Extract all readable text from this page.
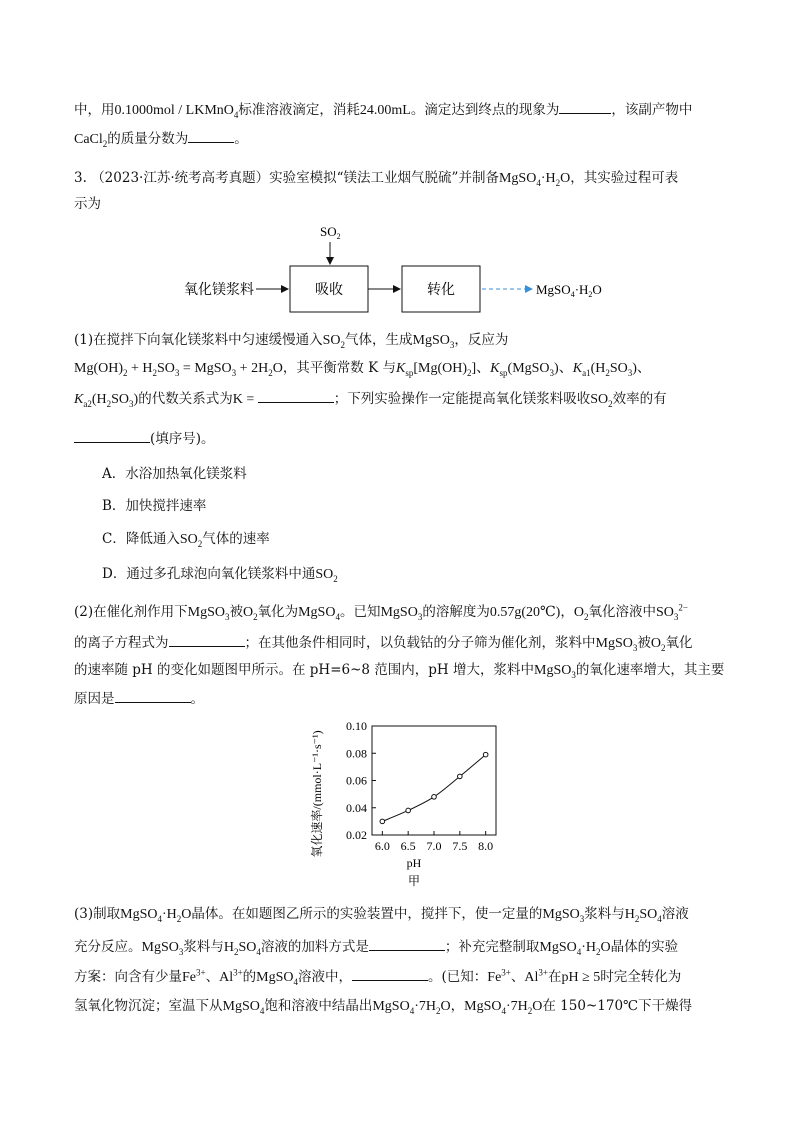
中，用0.1000mol / LKMnO$_4$标准溶液滴定，消耗24.00mL。滴定达到终点的现象为	，该副产物中
CaCl$_2$的质量分数为	。
3. （2023·江苏·统考高考真题）实验室模拟“镁法工业烟气脱硫”并制备$MgSO_4\cdot H_2O$，其实验过程可表
示为
$SO_2$
氧化镁浆料	吸收	转化	$MgSO_4\cdot H_2O$
(1)在搅拌下向氧化镁浆料中匀速缓慢通入$SO_2$气体，生成MgSO$_3$，反应为
$Mg(OH)_2 + H_2SO_3$ = MgSO$_3$ + $2H_2O$，其平衡常数 K 与$K_{sp}[Mg(OH)_2]$、$K_{sp}(MgSO_3)$、$K_{a1}(H_2SO_3)$、
$K_{a2}(H_2SO_3)$的代数关系式为K =	；下列实验操作一定能提高氧化镁浆料吸收$SO_2$效率的有
(填序号)。
A．水浴加热氧化镁浆料
B．加快搅拌速率
C．降低通入$SO_2$气体的速率
D．通过多孔球泡向氧化镁浆料中通$SO_2$
(2)在催化剂作用下MgSO$_3$被$O_2$氧化为MgSO$_4$。已知MgSO$_3$的溶解度为0.57g(20℃)，$O_2$氧化溶液中$SO_3^{2-}$
的离子方程式为	；在其他条件相同时，以负载钴的分子筛为催化剂，浆料中MgSO$_3$被$O_2$氧化
的速率随 pH 的变化如题图甲所示。在 pH=6~8 范围内，pH 增大，浆料中MgSO$_3$的氧化速率增大，其主要
原因是	。
0.02
0.04
0.06
0.08
0.10
6.0 6.5 7.0 7.5 8.0
氧化速率/(mmol·L⁻¹·s⁻¹)
pH
甲
(3)制取$MgSO_4\cdot H_2O$晶体。在如题图乙所示的实验装置中，搅拌下，使一定量的MgSO$_3$浆料与$H_2SO_4$溶液
充分反应。MgSO$_3$浆料与$H_2SO_4$溶液的加料方式是	；补充完整制取$MgSO_4\cdot H_2O$晶体的实验
方案：向含有少量$Fe^{3+}$、$Al^{3+}$的MgSO$_4$溶液中，	。(已知：$Fe^{3+}$、$Al^{3+}$在pH ≥ 5时完全转化为
氢氧化物沉淀；室温下从MgSO$_4$饱和溶液中结晶出$MgSO_4\cdot 7H_2O$，$MgSO_4\cdot 7H_2O$在 150~170℃下干燥得
